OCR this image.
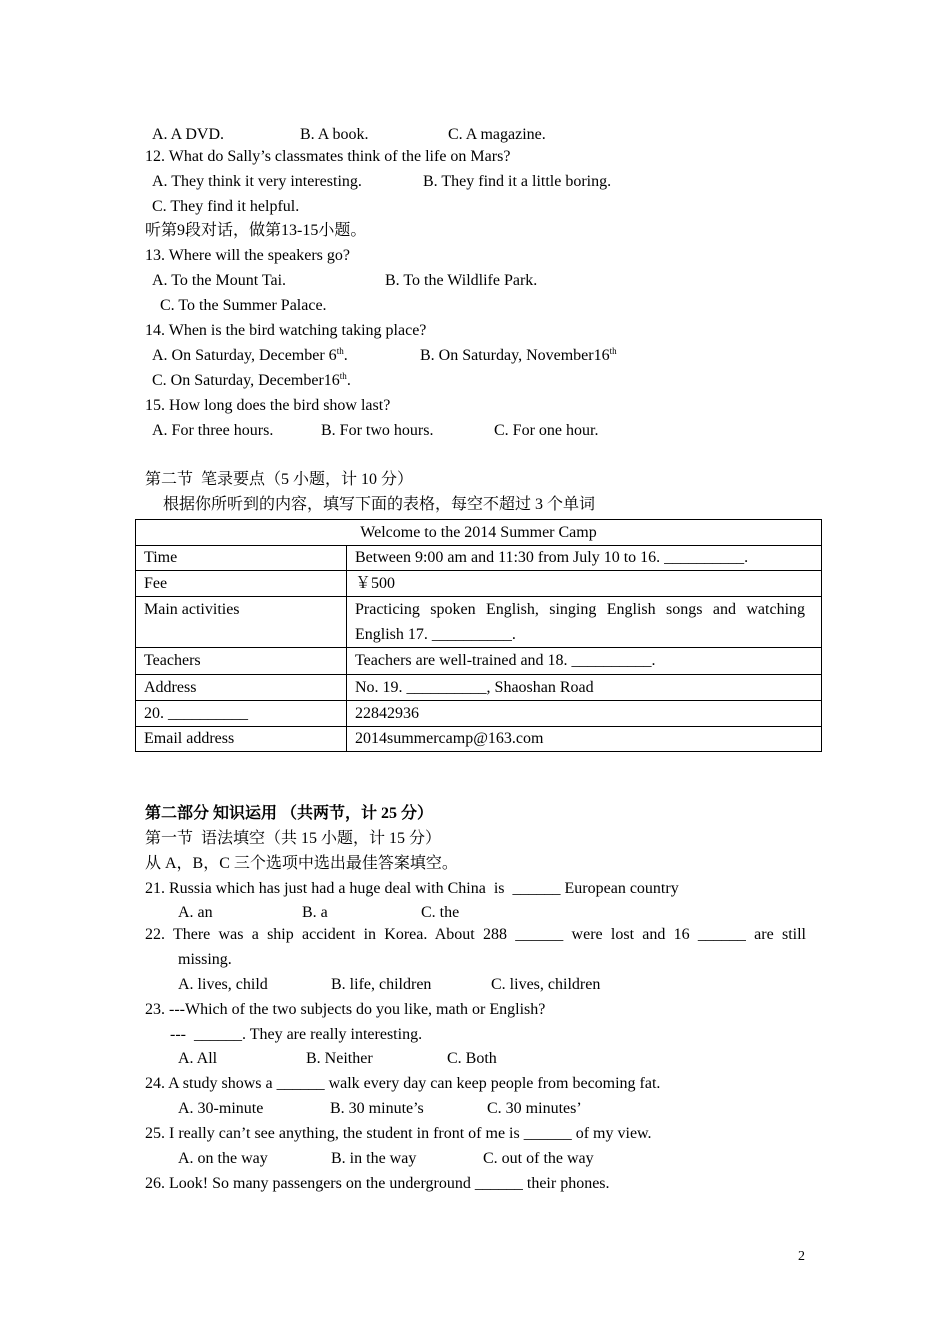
A. A DVD.	B. A book.	C. A magazine.
12. What do Sally’s classmates think of the life on Mars?
A. They think it very interesting.	B. They find it a little boring.
C. They find it helpful.
听第9段对话，做第13-15小题。
13. Where will the speakers go?
A. To the Mount Tai.	B. To the Wildlife Park.
C. To the Summer Palace.
14. When is the bird watching taking place?
A. On Saturday, December 6th.	B. On Saturday, November16th
C. On Saturday, December16th.
15. How long does the bird show last?
A. For three hours.	B. For two hours.	C. For one hour.
第二节  笔录要点（5 小题，计 10 分）
根据你所听到的内容，填写下面的表格，每空不超过 3 个单词
Welcome to the 2014 Summer Camp	
Time	Between 9:00 am and 11:30 from July 10 to 16. __________.
Fee	￥500
Main activities	Practicing spoken English, singing English songs and watching English 17. __________.
Teachers	Teachers are well-trained and 18. __________.
Address	No. 19. __________, Shaoshan Road
20. __________	22842936
Email address	2014summercamp@163.com
第二部分 知识运用 （共两节，计 25 分）
第一节  语法填空（共 15 小题，计 15 分）
从 A，B，C 三个选项中选出最佳答案填空。
21. Russia which has just had a huge deal with China  is  ______ European country
A. an	B. a	C. the
22. There was a ship accident in Korea. About 288 ______ were lost and 16 ______ are still
missing.
A. lives, child	B. life, children	C. lives, children
23. ---Which of the two subjects do you like, math or English?
---  ______. They are really interesting.
A. All	B. Neither	C. Both
24. A study shows a ______ walk every day can keep people from becoming fat.
A. 30-minute	B. 30 minute’s	C. 30 minutes’
25. I really can’t see anything, the student in front of me is ______ of my view.
A. on the way	B. in the way	C. out of the way
26. Look! So many passengers on the underground ______ their phones.
2
